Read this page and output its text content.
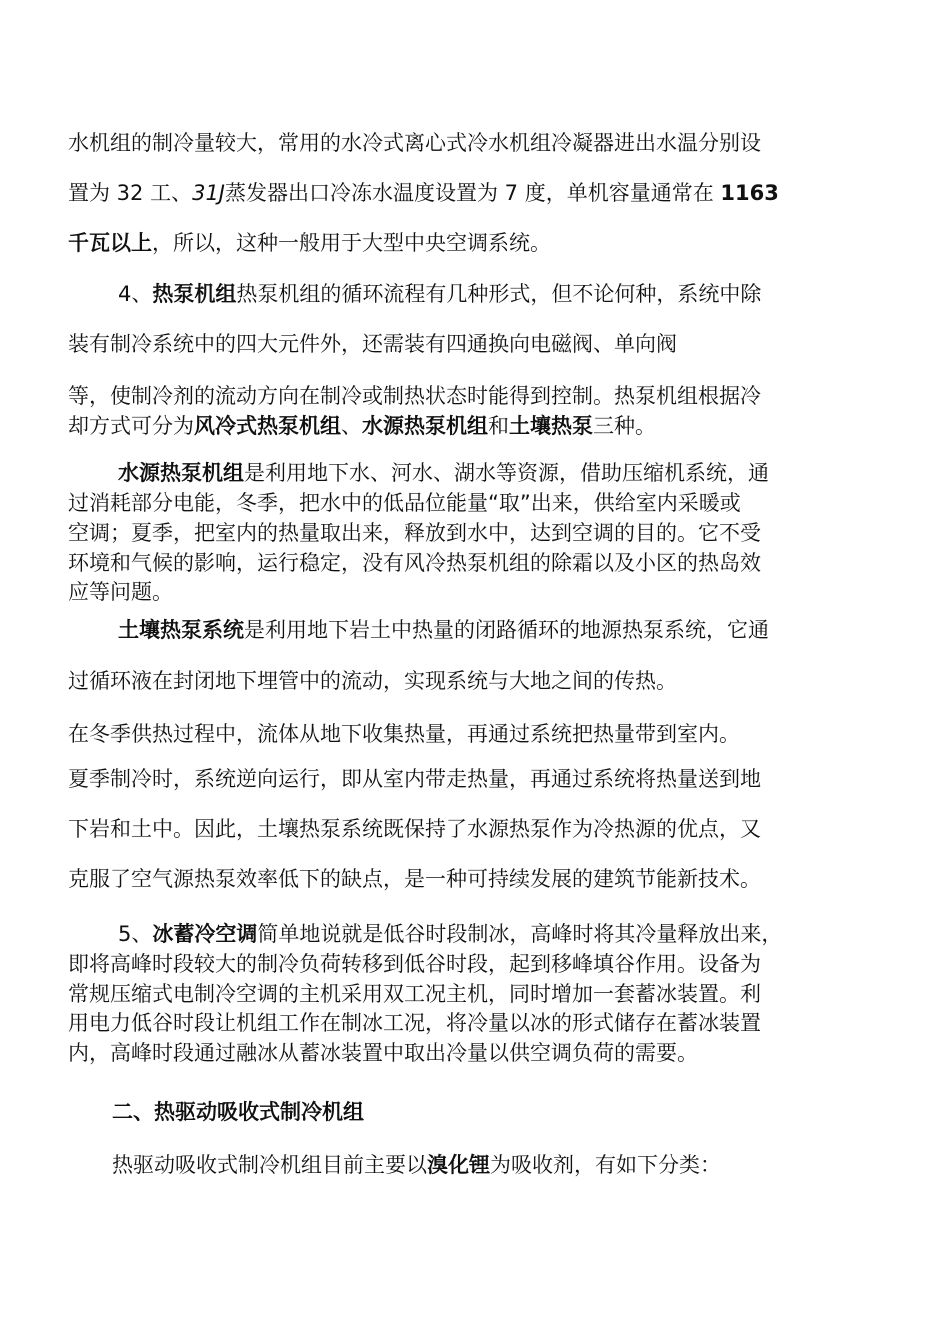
水机组的制冷量较大，常用的水冷式离心式冷水机组冷凝器进出水温分别设
置为 32 工、31J蒸发器出口冷冻水温度设置为 7 度，单机容量通常在 1163
千瓦以上，所以，这种一般用于大型中央空调系统。
4、热泵机组热泵机组的循环流程有几种形式，但不论何种，系统中除
装有制冷系统中的四大元件外，还需装有四通换向电磁阀、单向阀
等，使制冷剂的流动方向在制冷或制热状态时能得到控制。热泵机组根据冷
却方式可分为风冷式热泵机组、水源热泵机组和土壤热泵三种。
水源热泵机组是利用地下水、河水、湖水等资源，借助压缩机系统，通
过消耗部分电能，冬季，把水中的低品位能量“取”出来，供给室内采暖或
空调；夏季，把室内的热量取出来，释放到水中，达到空调的目的。它不受
环境和气候的影响，运行稳定，没有风冷热泵机组的除霜以及小区的热岛效
应等问题。
土壤热泵系统是利用地下岩土中热量的闭路循环的地源热泵系统，它通
过循环液在封闭地下埋管中的流动，实现系统与大地之间的传热。
在冬季供热过程中，流体从地下收集热量，再通过系统把热量带到室内。
夏季制冷时，系统逆向运行，即从室内带走热量，再通过系统将热量送到地
下岩和土中。因此，土壤热泵系统既保持了水源热泵作为冷热源的优点，又
克服了空气源热泵效率低下的缺点，是一种可持续发展的建筑节能新技术。
5、冰蓄冷空调简单地说就是低谷时段制冰，高峰时将其冷量释放出来，
即将高峰时段较大的制冷负荷转移到低谷时段，起到移峰填谷作用。设备为
常规压缩式电制冷空调的主机采用双工况主机，同时增加一套蓄冰装置。利
用电力低谷时段让机组工作在制冰工况，将冷量以冰的形式储存在蓄冰装置
内，高峰时段通过融冰从蓄冰装置中取出冷量以供空调负荷的需要。
二、热驱动吸收式制冷机组
热驱动吸收式制冷机组目前主要以溴化锂为吸收剂，有如下分类：
